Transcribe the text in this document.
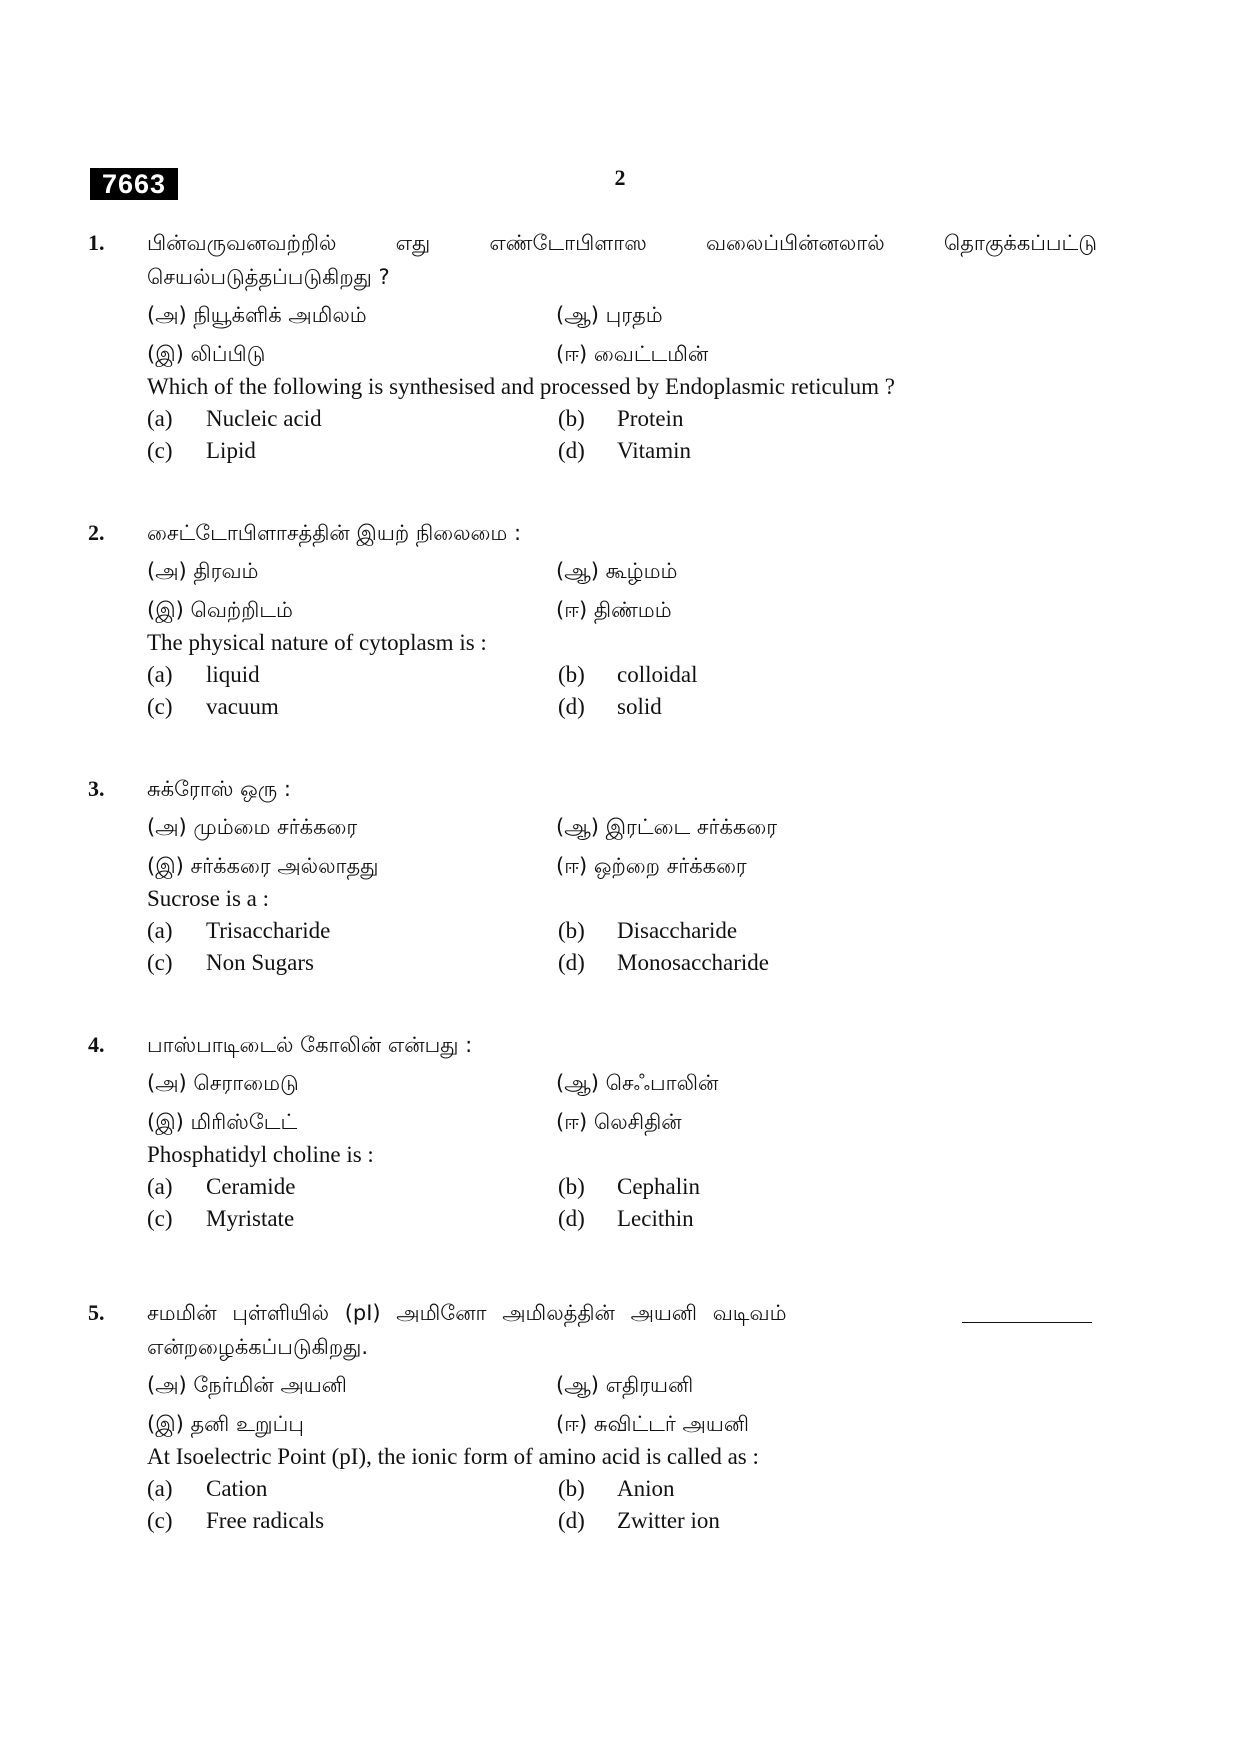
7663	2
1. பின்வருவனவற்றில் எது எண்டோபிளாஸ வலைப்பின்னலால் தொகுக்கப்பட்டு செயல்படுத்தப்படுகிறது ?
(அ) நியூக்ளிக் அமிலம்	(ஆ) புரதம்
(இ) லிப்பிடு	(ஈ) வைட்டமின்
Which of the following is synthesised and processed by Endoplasmic reticulum ?
(a) Nucleic acid	(b) Protein
(c) Lipid	(d) Vitamin
2. சைட்டோபிளாசத்தின் இயற் நிலைமை :
(அ) திரவம்	(ஆ) கூழ்மம்
(இ) வெற்றிடம்	(ஈ) திண்மம்
The physical nature of cytoplasm is :
(a) liquid	(b) colloidal
(c) vacuum	(d) solid
3. சுக்ரோஸ் ஒரு :
(அ) மும்மை சர்க்கரை	(ஆ) இரட்டை சர்க்கரை
(இ) சர்க்கரை அல்லாதது	(ஈ) ஒற்றை சர்க்கரை
Sucrose is a :
(a) Trisaccharide	(b) Disaccharide
(c) Non Sugars	(d) Monosaccharide
4. பாஸ்பாடிடைல் கோலின் என்பது :
(அ) செராமைடு	(ஆ) செஃபாலின்
(இ) மிரிஸ்டேட்	(ஈ) லெசிதின்
Phosphatidyl choline is :
(a) Ceramide	(b) Cephalin
(c) Myristate	(d) Lecithin
5. சமமின் புள்ளியில் (pI) அமினோ அமிலத்தின் அயனி வடிவம்
என்றழைக்கப்படுகிறது.
(அ) நேர்மின் அயனி	(ஆ) எதிரயனி
(இ) தனி உறுப்பு	(ஈ) சுவிட்டர் அயனி
At Isoelectric Point (pI), the ionic form of amino acid is called as :
(a) Cation	(b) Anion
(c) Free radicals	(d) Zwitter ion
